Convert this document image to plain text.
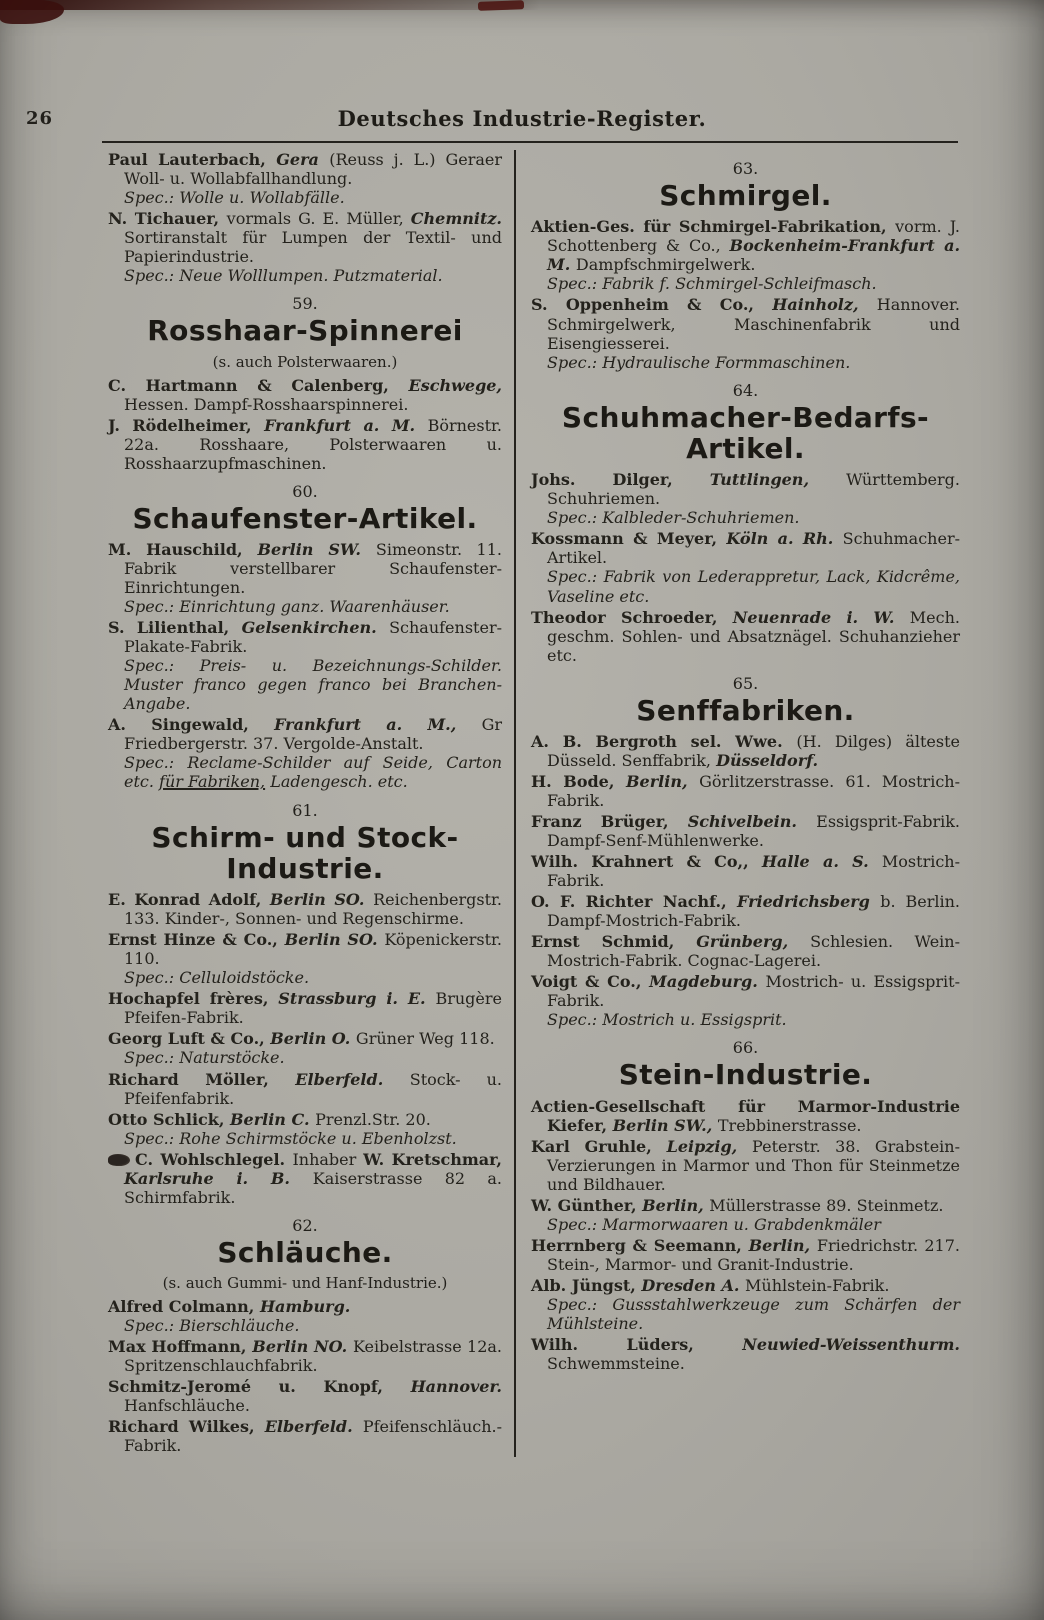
26	Deutsches Industrie-Register.

Paul Lauterbach, Gera (Reuss j. L.) Geraer Woll- u. Wollabfallhandlung.
Spec.: Wolle u. Wollabfälle.

N. Tichauer, vormals G. E. Müller, Chemnitz. Sortiranstalt für Lumpen der Textil- und Papierindustrie.
Spec.: Neue Wolllumpen. Putzmaterial.

59.
Rosshaar-Spinnerei
(s. auch Polsterwaaren.)

C. Hartmann & Calenberg, Eschwege, Hessen. Dampf-Rosshaarspinnerei.

J. Rödelheimer, Frankfurt a. M. Börnestr. 22a. Rosshaare, Polsterwaaren u. Rosshaarzupfmaschinen.

60.
Schaufenster-Artikel.

M. Hauschild, Berlin SW. Simeonstr. 11. Fabrik verstellbarer Schaufenster-Einrichtungen.
Spec.: Einrichtung ganz. Waarenhäuser.

S. Lilienthal, Gelsenkirchen. Schaufenster-Plakate-Fabrik.
Spec.: Preis- u. Bezeichnungs-Schilder. Muster franco gegen franco bei Branchen-Angabe.

A. Singewald, Frankfurt a. M., Gr Friedbergerstr. 37. Vergolde-Anstalt.
Spec.: Reclame-Schilder auf Seide, Carton etc. für Fabriken, Ladengesch. etc.

61.
Schirm- und Stock-Industrie.

E. Konrad Adolf, Berlin SO. Reichenbergstr. 133. Kinder-, Sonnen- und Regenschirme.

Ernst Hinze & Co., Berlin SO. Köpenickerstr. 110.
Spec.: Celluloidstöcke.

Hochapfel frères, Strassburg i. E. Brugère Pfeifen-Fabrik.

Georg Luft & Co., Berlin O. Grüner Weg 118.
Spec.: Naturstöcke.

Richard Möller, Elberfeld. Stock- u. Pfeifenfabrik.

Otto Schlick, Berlin C. Prenzl.Str. 20.
Spec.: Rohe Schirmstöcke u. Ebenholzst.

C. Wohlschlegel. Inhaber W. Kretschmar, Karlsruhe i. B. Kaiserstrasse 82 a. Schirmfabrik.

62.
Schläuche.
(s. auch Gummi- und Hanf-Industrie.)

Alfred Colmann, Hamburg.
Spec.: Bierschläuche.

Max Hoffmann, Berlin NO. Keibelstrasse 12a. Spritzenschlauchfabrik.

Schmitz-Jeromé u. Knopf, Hannover. Hanfschläuche.

Richard Wilkes, Elberfeld. Pfeifenschläuch.-Fabrik.

63.
Schmirgel.

Aktien-Ges. für Schmirgel-Fabrikation, vorm. J. Schottenberg & Co., Bockenheim-Frankfurt a. M. Dampfschmirgelwerk.
Spec.: Fabrik f. Schmirgel-Schleifmasch.

S. Oppenheim & Co., Hainholz, Hannover. Schmirgelwerk, Maschinenfabrik und Eisengiesserei.
Spec.: Hydraulische Formmaschinen.

64.
Schuhmacher-Bedarfs-Artikel.

Johs. Dilger, Tuttlingen, Württemberg. Schuhriemen.
Spec.: Kalbleder-Schuhriemen.

Kossmann & Meyer, Köln a. Rh. Schuhmacher-Artikel.
Spec.: Fabrik von Lederappretur, Lack, Kidcrême, Vaseline etc.

Theodor Schroeder, Neuenrade i. W. Mech. geschm. Sohlen- und Absatznägel. Schuhanzieher etc.

65.
Senffabriken.

A. B. Bergroth sel. Wwe. (H. Dilges) älteste Düsseld. Senffabrik, Düsseldorf.

H. Bode, Berlin, Görlitzerstrasse. 61. Mostrich-Fabrik.

Franz Brüger, Schivelbein. Essigsprit-Fabrik. Dampf-Senf-Mühlenwerke.

Wilh. Krahnert & Co,, Halle a. S. Mostrich-Fabrik.

O. F. Richter Nachf., Friedrichsberg b. Berlin. Dampf-Mostrich-Fabrik.

Ernst Schmid, Grünberg, Schlesien. Wein-Mostrich-Fabrik. Cognac-Lagerei.

Voigt & Co., Magdeburg. Mostrich- u. Essigsprit-Fabrik.
Spec.: Mostrich u. Essigsprit.

66.
Stein-Industrie.

Actien-Gesellschaft für Marmor-Industrie Kiefer, Berlin SW., Trebbinerstrasse.

Karl Gruhle, Leipzig, Peterstr. 38. Grabstein-Verzierungen in Marmor und Thon für Steinmetze und Bildhauer.

W. Günther, Berlin, Müllerstrasse 89. Steinmetz.
Spec.: Marmorwaaren u. Grabdenkmäler

Herrnberg & Seemann, Berlin, Friedrichstr. 217. Stein-, Marmor- und Granit-Industrie.

Alb. Jüngst, Dresden A. Mühlstein-Fabrik.
Spec.: Gussstahlwerkzeuge zum Schärfen der Mühlsteine.

Wilh. Lüders, Neuwied-Weissenthurm. Schwemmsteine.
